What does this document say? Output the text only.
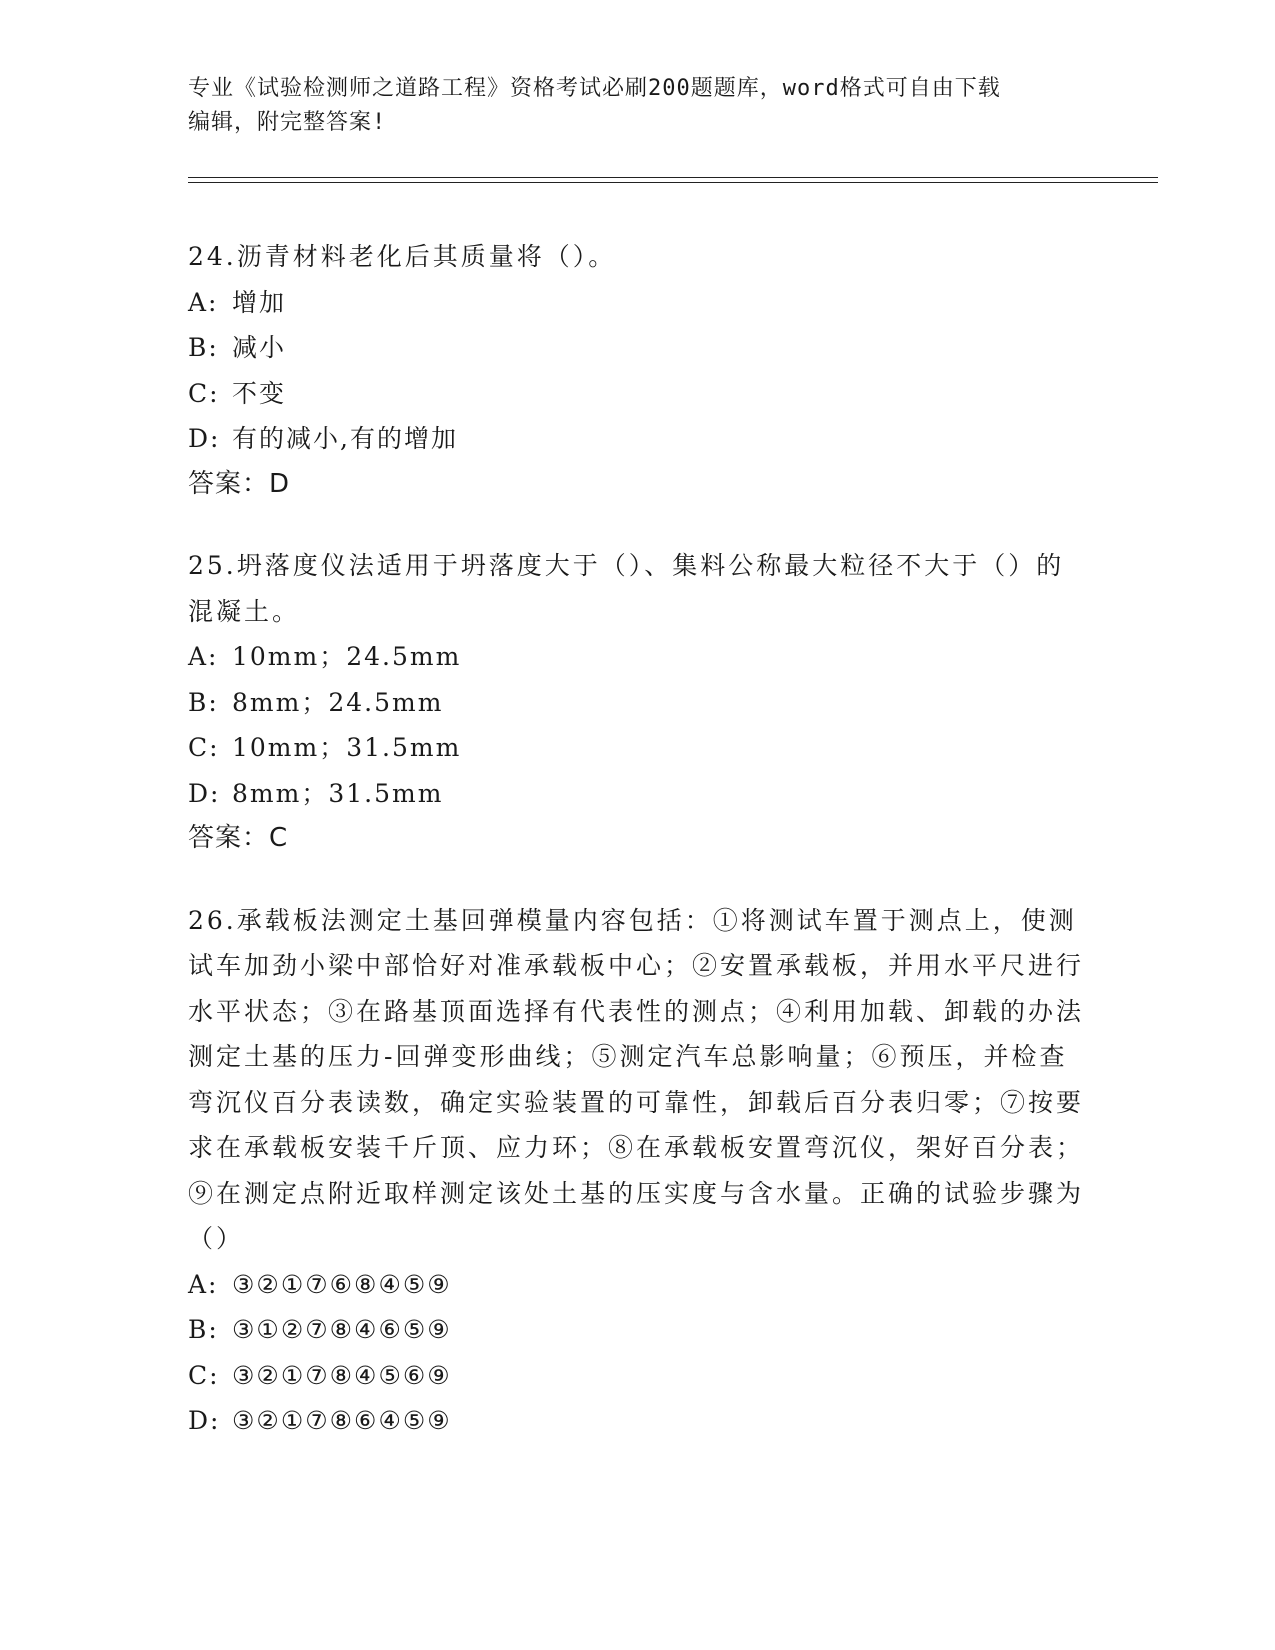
专业《试验检测师之道路工程》资格考试必刷200题题库，word格式可自由下载
编辑，附完整答案!

24.沥青材料老化后其质量将（）。

A: 增加
B: 减小
C: 不变
D: 有的减小,有的增加
答案：D

25.坍落度仪法适用于坍落度大于（）、集料公称最大粒径不大于（）的混凝土。

A: 10mm；24.5mm
B: 8mm；24.5mm
C: 10mm；31.5mm
D: 8mm；31.5mm
答案：C

26.承载板法测定土基回弹模量内容包括：①将测试车置于测点上，使测试车加劲小梁中部恰好对准承载板中心；②安置承载板，并用水平尺进行水平状态；③在路基顶面选择有代表性的测点；④利用加载、卸载的办法测定土基的压力-回弹变形曲线；⑤测定汽车总影响量；⑥预压，并检查弯沉仪百分表读数，确定实验装置的可靠性，卸载后百分表归零；⑦按要求在承载板安装千斤顶、应力环；⑧在承载板安置弯沉仪，架好百分表；⑨在测定点附近取样测定该处土基的压实度与含水量。正确的试验步骤为（）

A: ③②①⑦⑥⑧④⑤⑨
B: ③①②⑦⑧④⑥⑤⑨
C: ③②①⑦⑧④⑤⑥⑨
D: ③②①⑦⑧⑥④⑤⑨
